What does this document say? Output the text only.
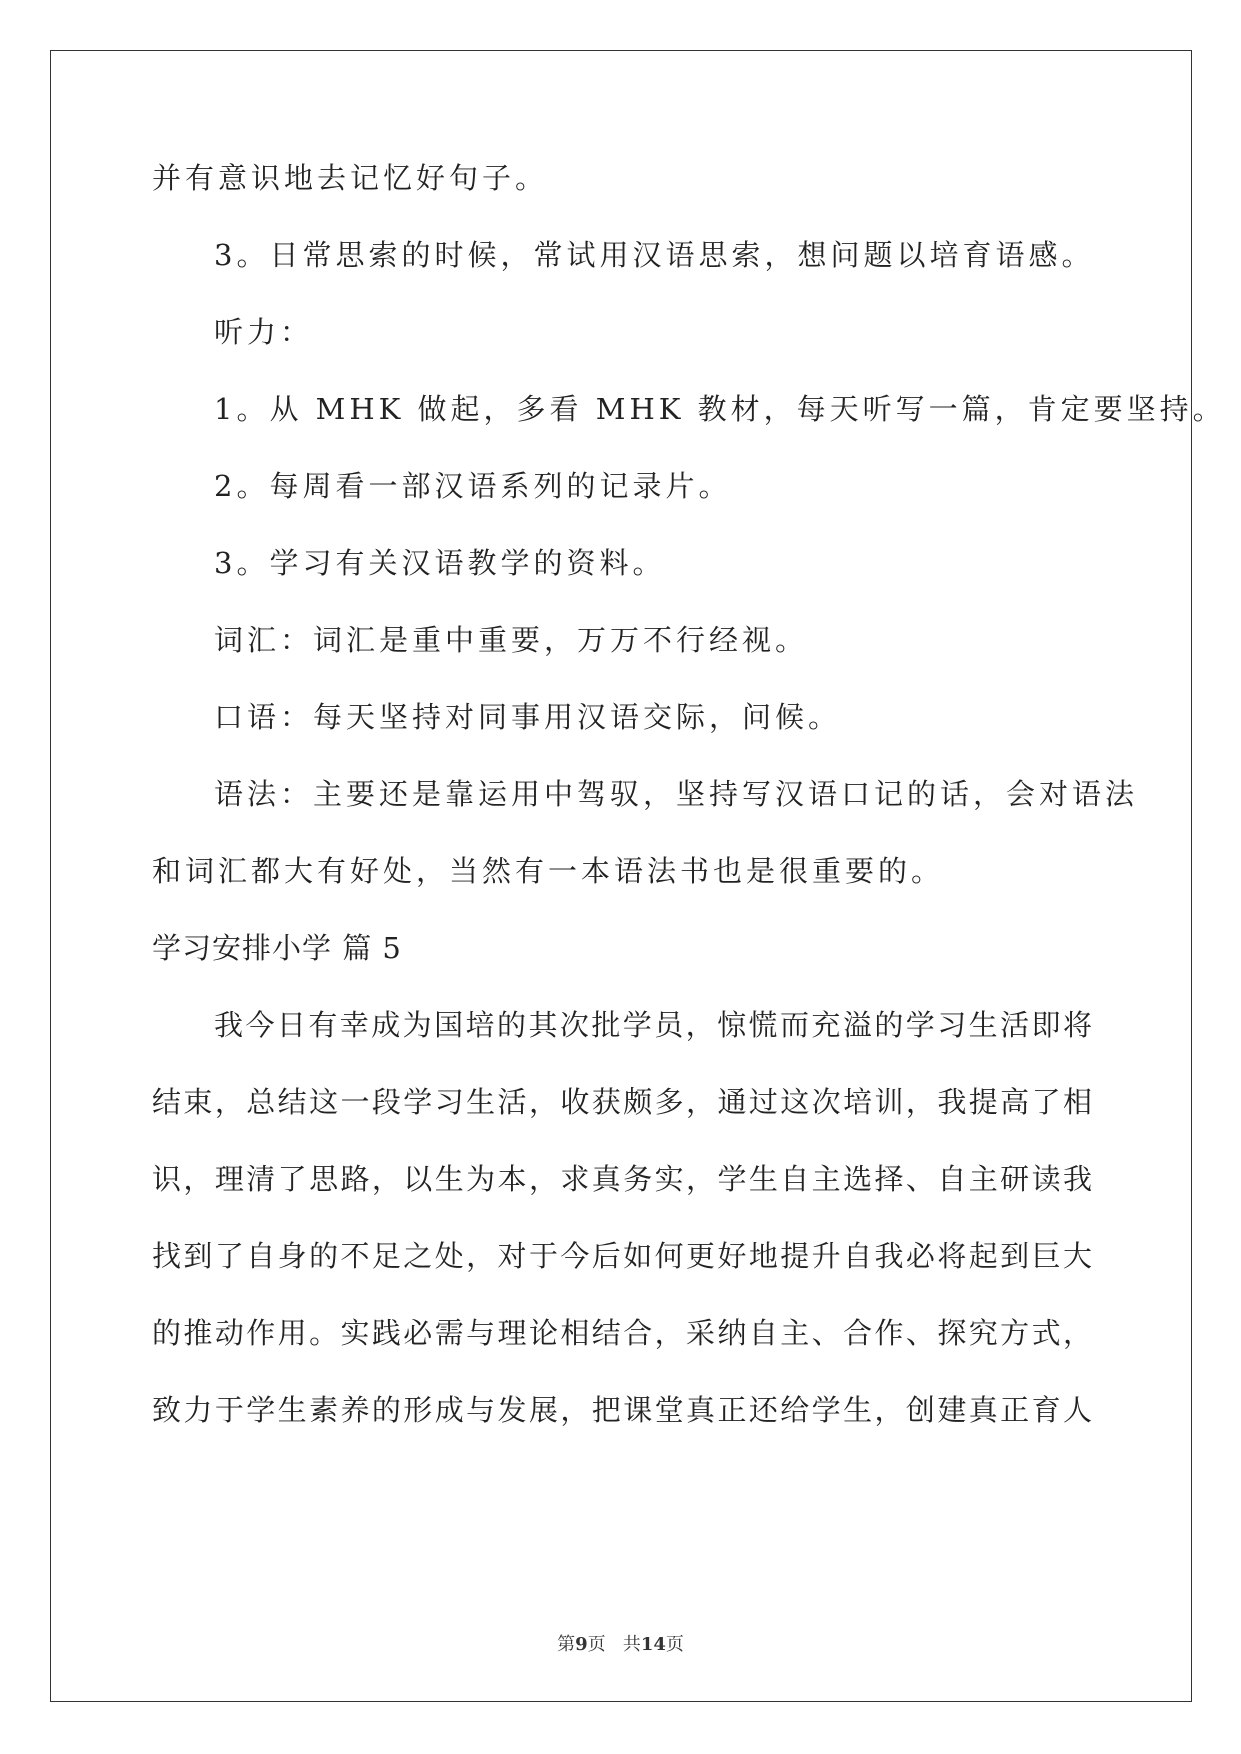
并有意识地去记忆好句子。
3。日常思索的时候，常试用汉语思索，想问题以培育语感。
听力：
1。从 MHK 做起，多看 MHK 教材，每天听写一篇，肯定要坚持。
2。每周看一部汉语系列的记录片。
3。学习有关汉语教学的资料。
词汇：词汇是重中重要，万万不行经视。
口语：每天坚持对同事用汉语交际，问候。
语法：主要还是靠运用中驾驭，坚持写汉语口记的话，会对语法
和词汇都大有好处，当然有一本语法书也是很重要的。
学习安排小学 篇 5
我今日有幸成为国培的其次批学员，惊慌而充溢的学习生活即将
结束，总结这一段学习生活，收获颇多，通过这次培训，我提高了相
识，理清了思路，以生为本，求真务实，学生自主选择、自主研读我
找到了自身的不足之处，对于今后如何更好地提升自我必将起到巨大
的推动作用。实践必需与理论相结合，采纳自主、合作、探究方式，
致力于学生素养的形成与发展，把课堂真正还给学生，创建真正育人
第9页 共14页
